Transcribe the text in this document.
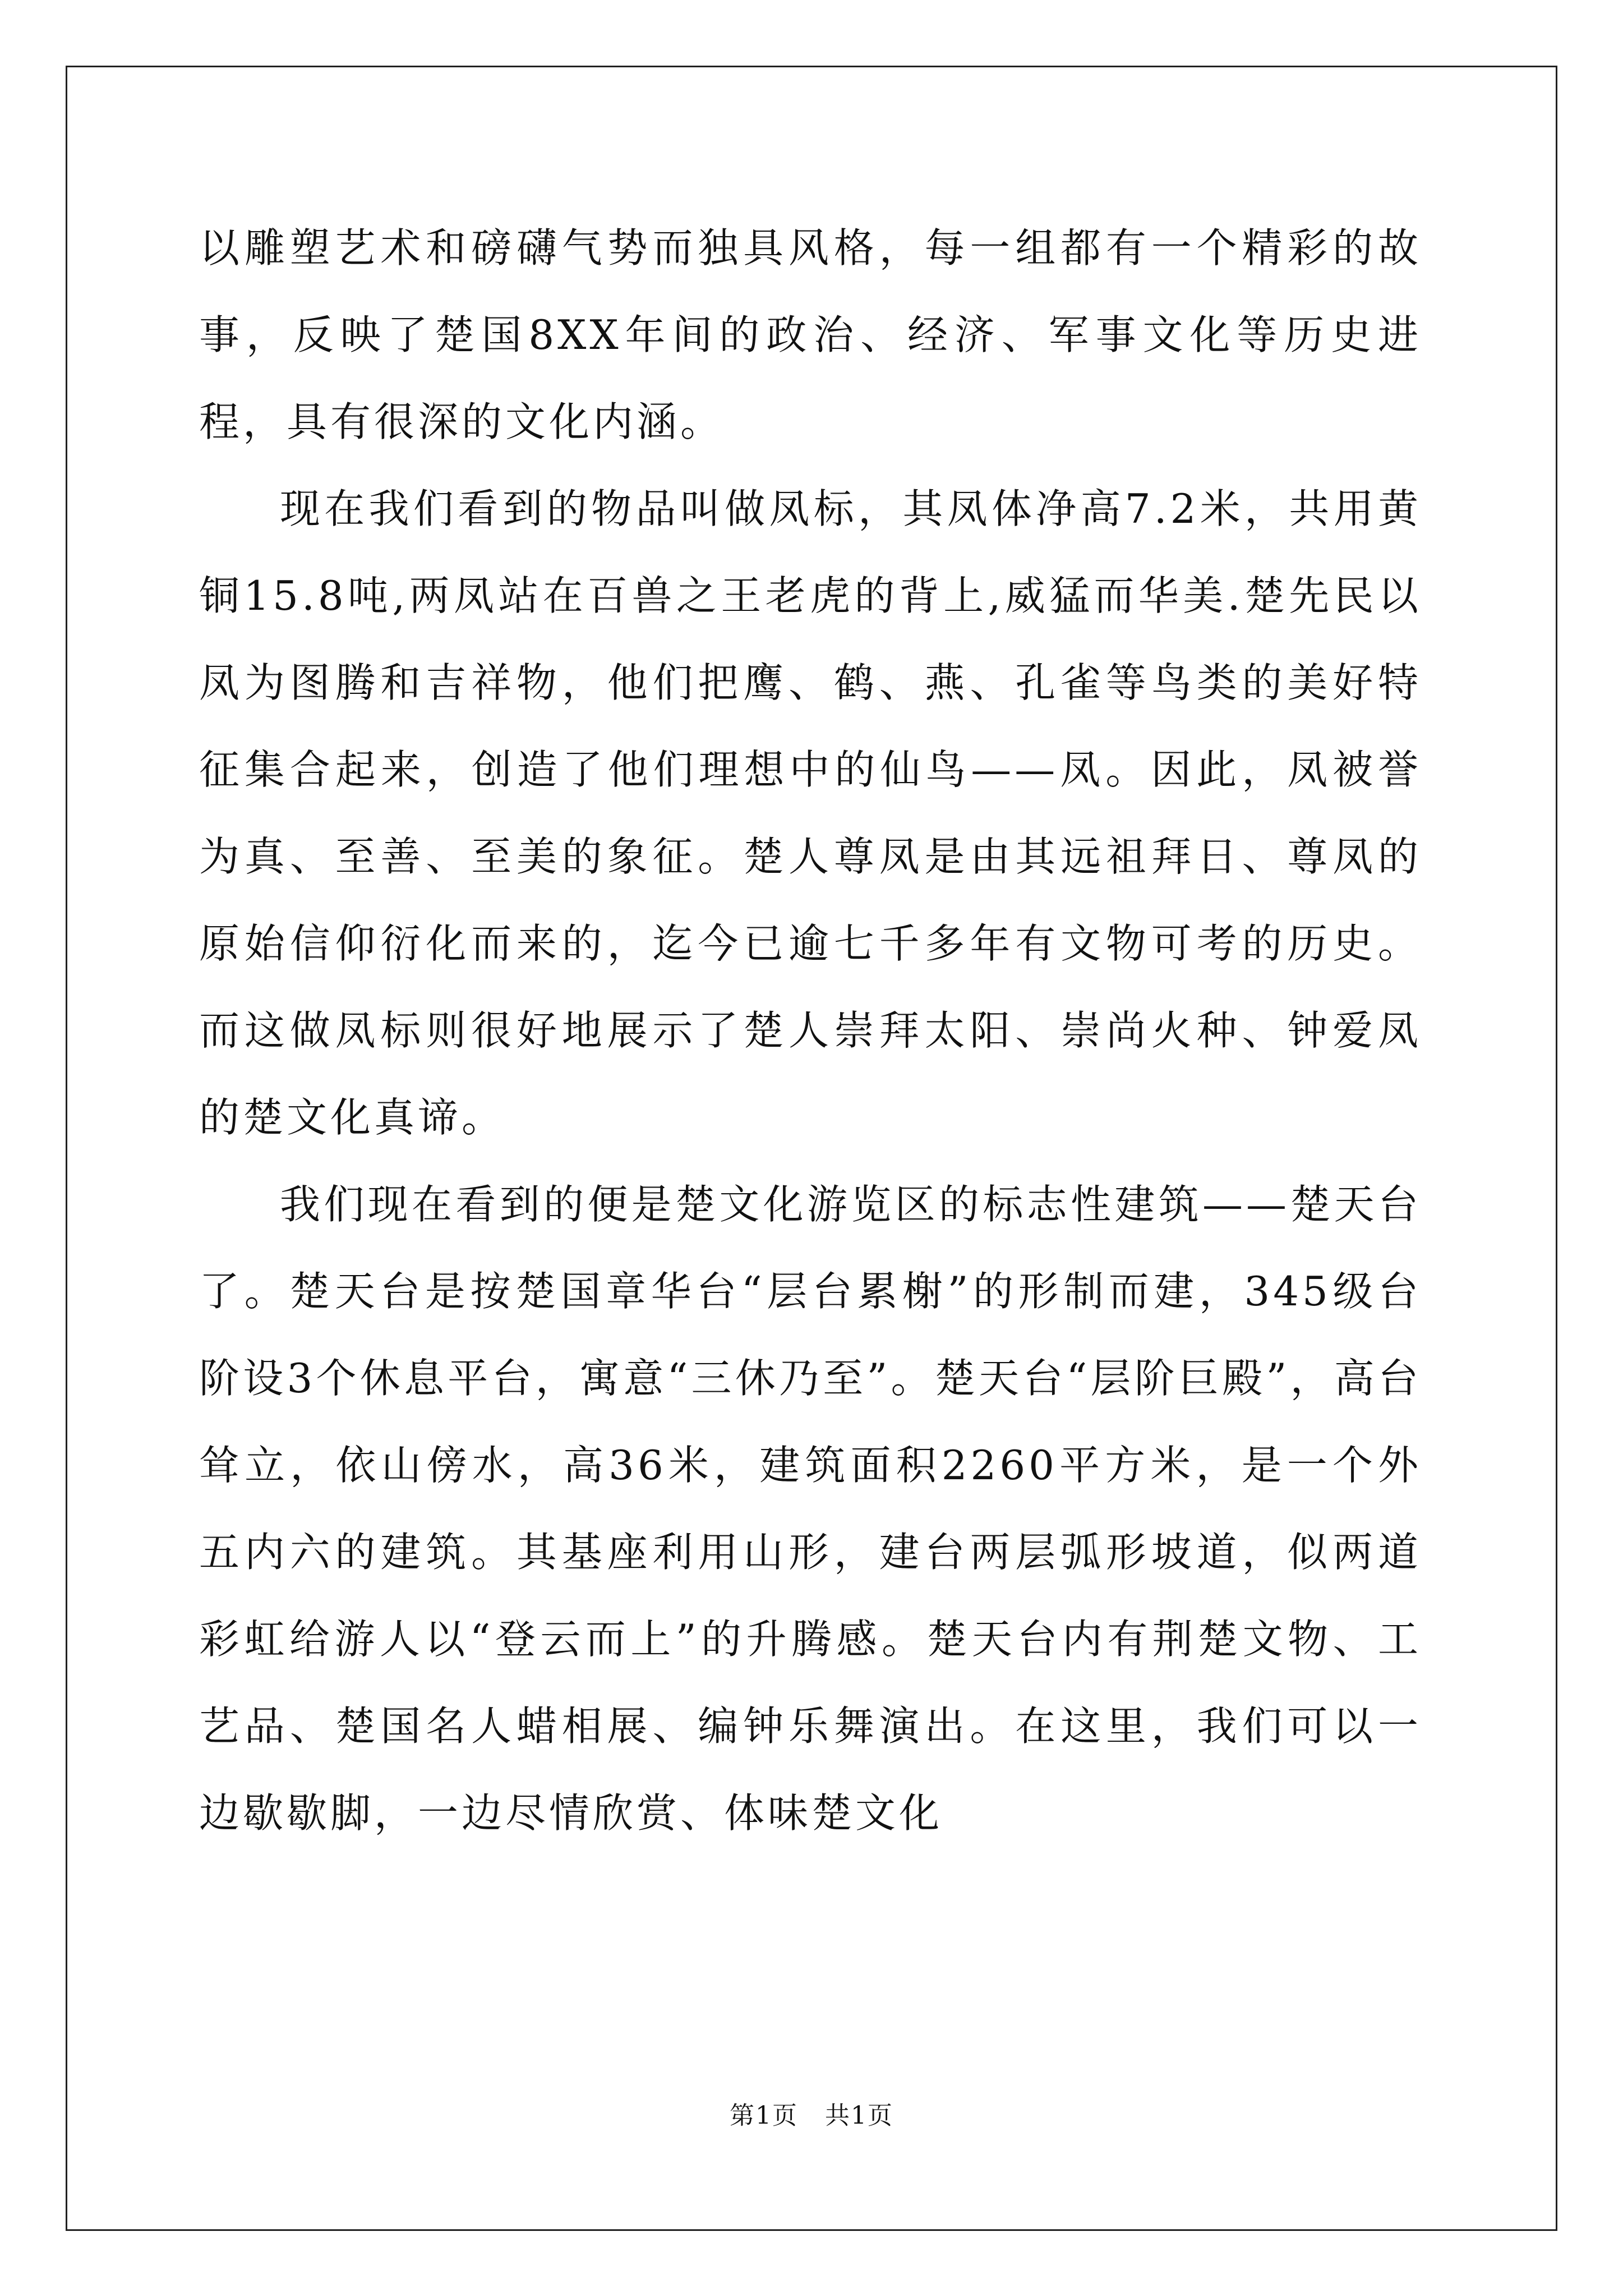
以雕塑艺术和磅礴气势而独具风格，每一组都有一个精彩的故事，反映了楚国8XX年间的政治、经济、军事文化等历史进程，具有很深的文化内涵。

现在我们看到的物品叫做凤标，其凤体净高7.2米，共用黄铜15.8吨,两凤站在百兽之王老虎的背上,威猛而华美.楚先民以凤为图腾和吉祥物，他们把鹰、鹤、燕、孔雀等鸟类的美好特征集合起来，创造了他们理想中的仙鸟——凤。因此，凤被誉为真、至善、至美的象征。楚人尊凤是由其远祖拜日、尊凤的原始信仰衍化而来的，迄今已逾七千多年有文物可考的历史。而这做凤标则很好地展示了楚人崇拜太阳、崇尚火种、钟爱凤的楚文化真谛。

我们现在看到的便是楚文化游览区的标志性建筑——楚天台了。楚天台是按楚国章华台“层台累榭”的形制而建，345级台阶设3个休息平台，寓意“三休乃至”。楚天台“层阶巨殿”，高台耸立，依山傍水，高36米，建筑面积2260平方米，是一个外五内六的建筑。其基座利用山形，建台两层弧形坡道，似两道彩虹给游人以“登云而上”的升腾感。楚天台内有荆楚文物、工艺品、楚国名人蜡相展、编钟乐舞演出。在这里，我们可以一边歇歇脚，一边尽情欣赏、体味楚文化

第1页 共1页
